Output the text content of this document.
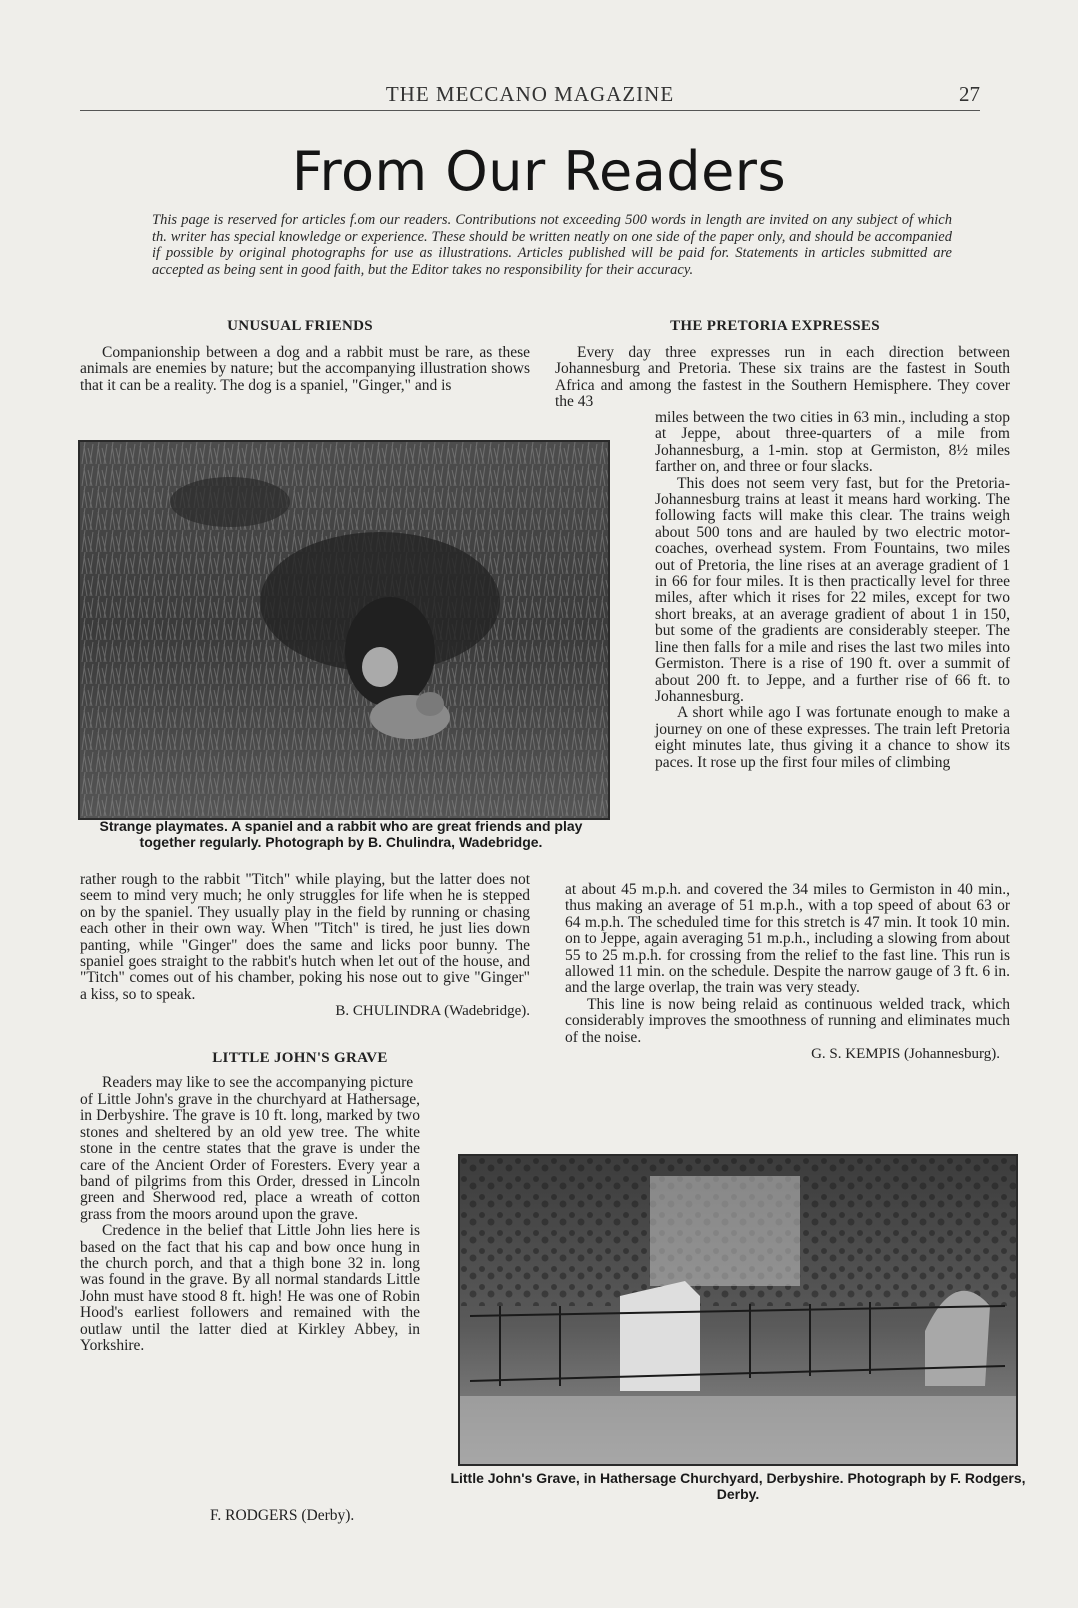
THE MECCANO MAGAZINE	27
From Our Readers
This page is reserved for articles f.om our readers. Contributions not exceeding 500 words in length are invited on any subject of which th. writer has special knowledge or experience. These should be written neatly on one side of the paper only, and should be accompanied if possible by original photographs for use as illustrations. Articles published will be paid for. Statements in articles submitted are accepted as being sent in good faith, but the Editor takes no responsibility for their accuracy.
UNUSUAL FRIENDS

Companionship between a dog and a rabbit must be rare, as these animals are enemies by nature; but the accompanying illustration shows that it can be a reality. The dog is a spaniel, "Ginger," and is

Strange playmates. A spaniel and a rabbit who are great friends and play together regularly. Photograph by B. Chulindra, Wadebridge.

rather rough to the rabbit "Titch" while playing, but the latter does not seem to mind very much; he only struggles for life when he is stepped on by the spaniel. They usually play in the field by running or chasing each other in their own way. When "Titch" is tired, he just lies down panting, while "Ginger" does the same and licks poor bunny. The spaniel goes straight to the rabbit's hutch when let out of the house, and "Titch" comes out of his chamber, poking his nose out to give "Ginger" a kiss, so to speak.

B. CHULINDRA (Wadebridge).
LITTLE JOHN'S GRAVE

Readers may like to see the accompanying picture

of Little John's grave in the churchyard at Hathersage, in Derbyshire. The grave is 10 ft. long, marked by two stones and sheltered by an old yew tree. The white stone in the centre states that the grave is under the care of the Ancient Order of Foresters. Every year a band of pilgrims from this Order, dressed in Lincoln green and Sherwood red, place a wreath of cotton grass from the moors around upon the grave.

Credence in the belief that Little John lies here is based on the fact that his cap and bow once hung in the church porch, and that a thigh bone 32 in. long was found in the grave. By all normal standards Little John must have stood 8 ft. high! He was one of Robin Hood's earliest followers and remained with the outlaw until the latter died at Kirkley Abbey, in Yorkshire.

F. RODGERS (Derby).
Little John's Grave, in Hathersage Churchyard, Derbyshire. Photograph by F. Rodgers, Derby.
THE PRETORIA EXPRESSES

Every day three expresses run in each direction between Johannesburg and Pretoria. These six trains are the fastest in South Africa and among the fastest in the Southern Hemisphere. They cover the 43

miles between the two cities in 63 min., including a stop at Jeppe, about three-quarters of a mile from Johannesburg, a 1-min. stop at Germiston, 8½ miles farther on, and three or four slacks.

This does not seem very fast, but for the Pretoria-Johannesburg trains at least it means hard working. The following facts will make this clear. The trains weigh about 500 tons and are hauled by two electric motor-coaches, overhead system. From Fountains, two miles out of Pretoria, the line rises at an average gradient of 1 in 66 for four miles. It is then practically level for three miles, after which it rises for 22 miles, except for two short breaks, at an average gradient of about 1 in 150, but some of the gradients are considerably steeper. The line then falls for a mile and rises the last two miles into Germiston. There is a rise of 190 ft. over a summit of about 200 ft. to Jeppe, and a further rise of 66 ft. to Johannesburg.

A short while ago I was fortunate enough to make a journey on one of these expresses. The train left Pretoria eight minutes late, thus giving it a chance to show its paces. It rose up the first four miles of climbing

at about 45 m.p.h. and covered the 34 miles to Germiston in 40 min., thus making an average of 51 m.p.h., with a top speed of about 63 or 64 m.p.h. The scheduled time for this stretch is 47 min. It took 10 min. on to Jeppe, again averaging 51 m.p.h., including a slowing from about 55 to 25 m.p.h. for crossing from the relief to the fast line. This run is allowed 11 min. on the schedule. Despite the narrow gauge of 3 ft. 6 in. and the large overlap, the train was very steady.

This line is now being relaid as continuous welded track, which considerably improves the smoothness of running and eliminates much of the noise.

G. S. KEMPIS (Johannesburg).
